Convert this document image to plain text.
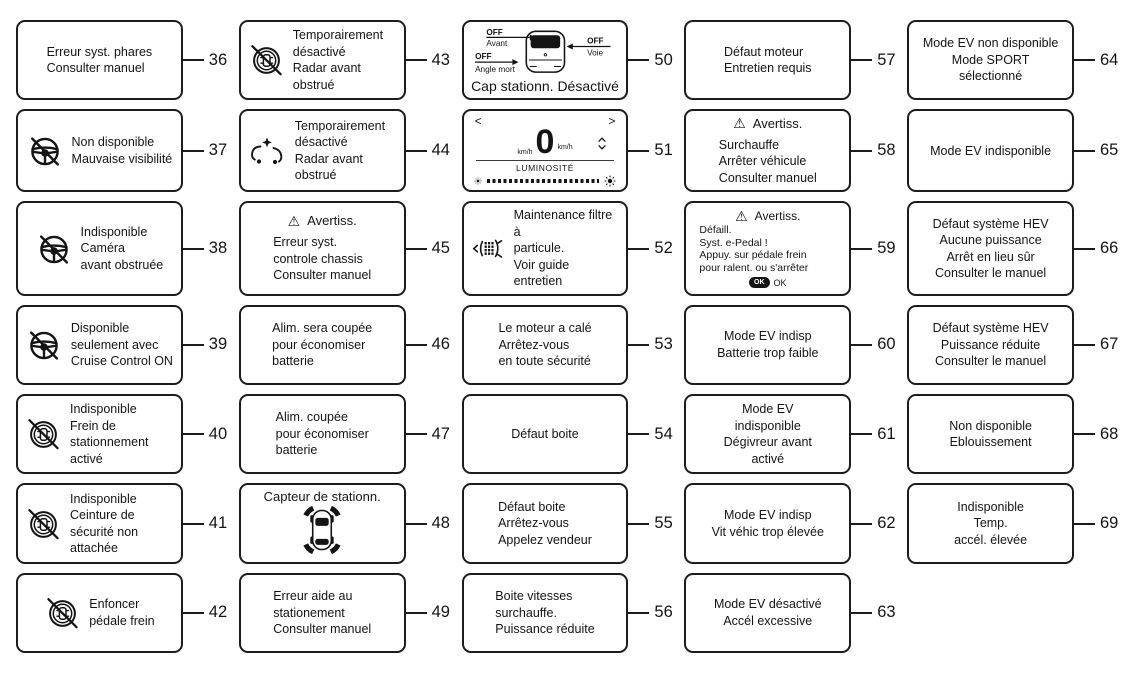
Erreur syst. phares
Consulter manuel	36
Non disponible
Mauvaise visibilité	37
Indisponible
Caméra
avant obstruée
38
Disponible
seulement avec
Cruise Control ON
39
Indisponible
Frein de
stationnement activé
40
Indisponible
Ceinture de
sécurité non attachée
41
Enfoncer
pédale frein	42
Temporairement
désactivé
Radar avant obstrué
43
Temporairement
désactivé
Radar avant obstrué
44
⚠ Avertiss.
Erreur syst.
controle chassis
Consulter manuel
45
Alim. sera coupée
pour économiser
batterie
46
Alim. coupée
pour économiser
batterie
47
Capteur de stationn.
48
Erreur aide au
stationement
Consulter manuel
49
OFF
Avant	OFF
Voie
OFF
Angle mort
Cap stationn. Désactivé
50
<	>
km/h 0 km/h
LUMINOSITÉ
51
Maintenance filtre à
particule.
Voir guide entretien
52
Le moteur a calé
Arrêtez-vous
en toute sécurité
53
Défaut boite	54
Défaut boite
Arrêtez-vous
Appelez vendeur
55
Boite vitesses
surchauffe.
Puissance réduite
56
Défaut moteur
Entretien requis	57
⚠ Avertiss.
Surchauffe
Arrêter véhicule
Consulter manuel
58
⚠ Avertiss.
Défaill.
Syst. e-Pedal !
Appuy. sur pédale frein
pour ralent. ou s'arrêter
OK	OK
59
Mode EV indisp
Batterie trop faible	60
Mode EV
indisponible
Dégivreur avant
activé
61
Mode EV indisp
Vit véhic trop élevée	62
Mode EV désactivé
Accél excessive	63
Mode EV non disponible
Mode SPORT
sélectionné
64
Mode EV indisponible	65
Défaut système HEV
Aucune puissance
Arrêt en lieu sûr
Consulter le manuel
66
Défaut système HEV
Puissance réduite
Consulter le manuel
67
Non disponible
Eblouissement	68
Indisponible
Temp.
accél. élevée
69
